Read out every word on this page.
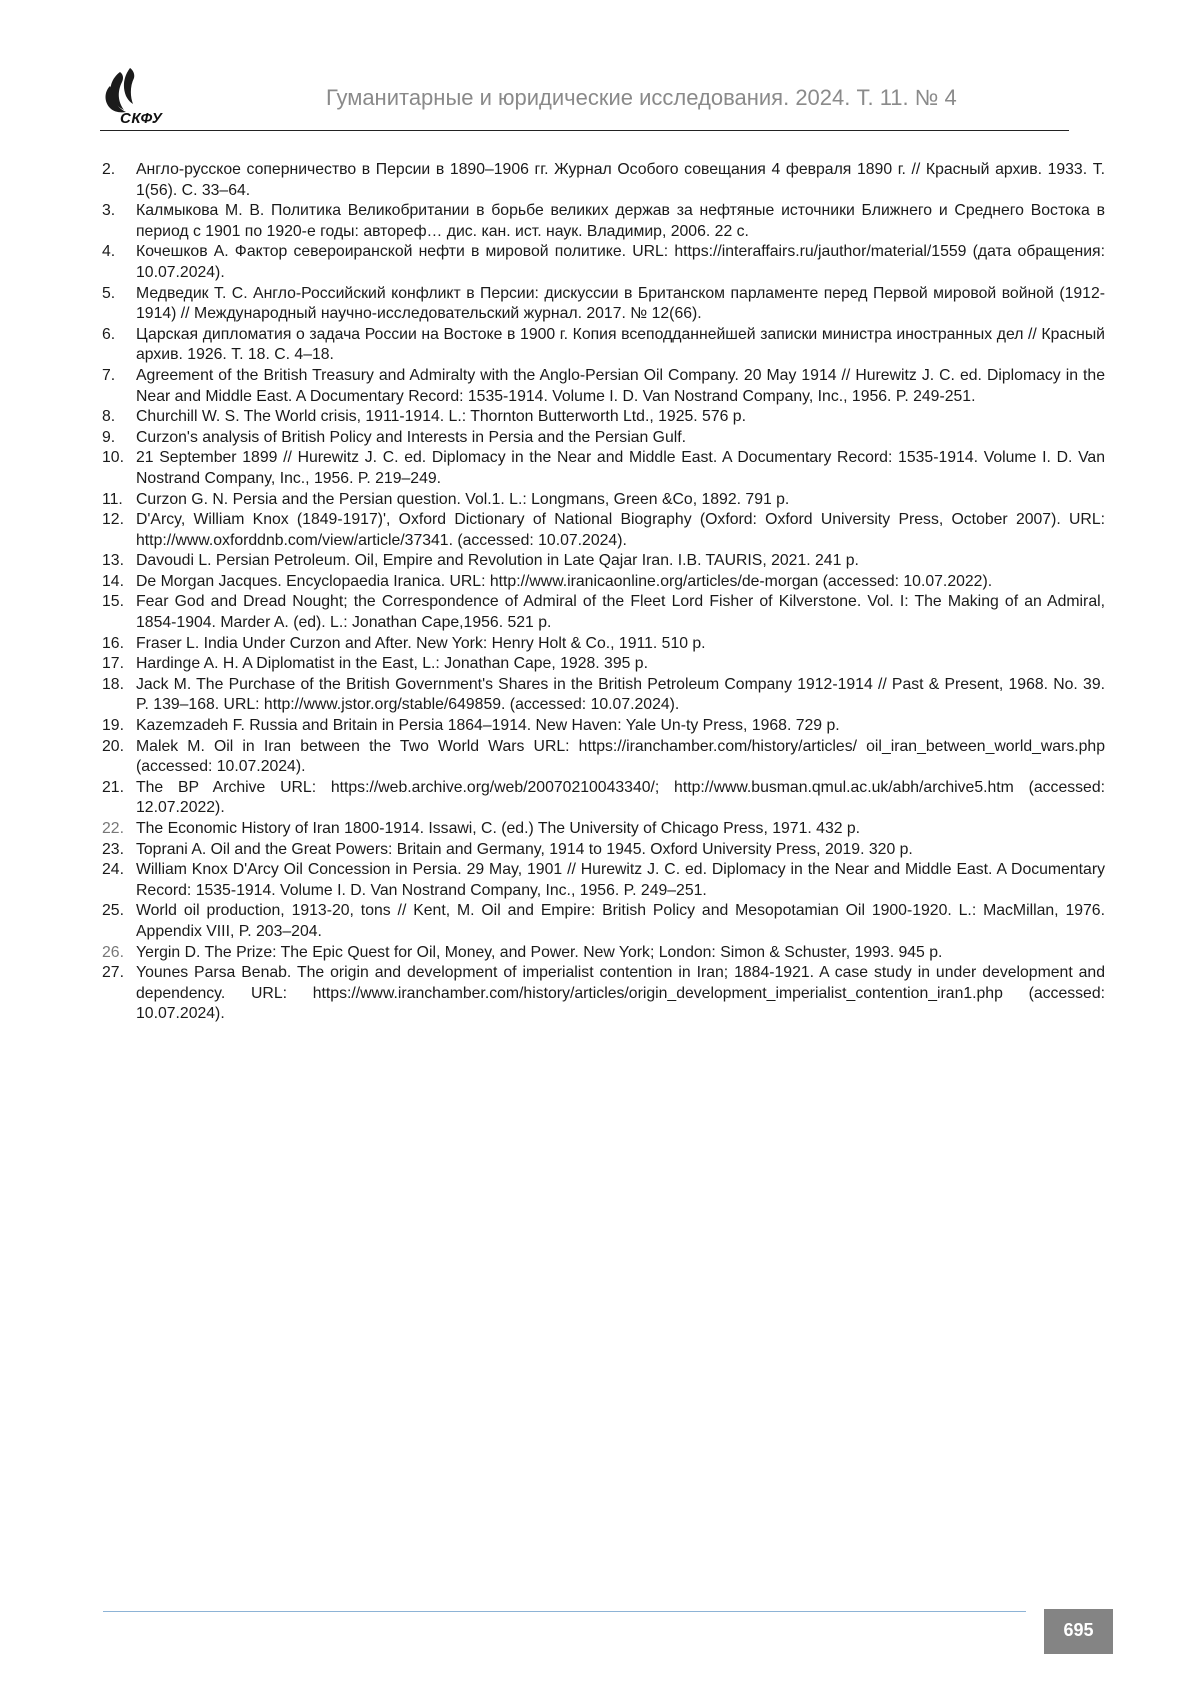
СКФУ
Гуманитарные и юридические исследования. 2024. Т. 11. № 4
2. Англо-русское соперничество в Персии в 1890–1906 гг. Журнал Особого совещания 4 февраля 1890 г. // Красный архив. 1933. Т. 1(56). С. 33–64.
3. Калмыкова М. В. Политика Великобритании в борьбе великих держав за нефтяные источники Ближнего и Среднего Востока в период с 1901 по 1920-е годы: автореф… дис. кан. ист. наук. Владимир, 2006. 22 с.
4. Кочешков А. Фактор североиранской нефти в мировой политике. URL: https://interaffairs.ru/jauthor/material/1559 (дата обращения: 10.07.2024).
5. Медведик Т. С. Англо-Российский конфликт в Персии: дискуссии в Британском парламенте перед Первой мировой войной (1912-1914) // Международный научно-исследовательский журнал. 2017. № 12(66).
6. Царская дипломатия о задача России на Востоке в 1900 г. Копия всеподданнейшей записки министра иностранных дел // Красный архив. 1926. Т. 18. С. 4–18.
7. Agreement of the British Treasury and Admiralty with the Anglo-Persian Oil Company. 20 May 1914 // Hurewitz J. C. ed. Diplomacy in the Near and Middle East. A Documentary Record: 1535-1914. Volume I. D. Van Nostrand Company, Inc., 1956. P. 249-251.
8. Churchill W. S. The World crisis, 1911-1914. L.: Thornton Butterworth Ltd., 1925. 576 p.
9. Curzon's analysis of British Policy and Interests in Persia and the Persian Gulf.
10. 21 September 1899 // Hurewitz J. C. ed. Diplomacy in the Near and Middle East. A Documentary Record: 1535-1914. Volume I. D. Van Nostrand Company, Inc., 1956. P. 219–249.
11. Curzon G. N. Persia and the Persian question. Vol.1. L.: Longmans, Green &Co, 1892. 791 p.
12. D'Arcy, William Knox (1849-1917)', Oxford Dictionary of National Biography (Oxford: Oxford University Press, October 2007). URL: http://www.oxforddnb.com/view/article/37341. (accessed: 10.07.2024).
13. Davoudi L. Persian Petroleum. Oil, Empire and Revolution in Late Qajar Iran. I.B. TAURIS, 2021. 241 p.
14. De Morgan Jacques. Encyclopaedia Iranica. URL: http://www.iranicaonline.org/articles/de-morgan (accessed: 10.07.2022).
15. Fear God and Dread Nought; the Correspondence of Admiral of the Fleet Lord Fisher of Kilverstone. Vol. I: The Making of an Admiral, 1854-1904. Marder A. (ed). L.: Jonathan Cape,1956. 521 p.
16. Fraser L. India Under Curzon and After. New York: Henry Holt & Co., 1911. 510 p.
17. Hardinge A. H. A Diplomatist in the East, L.: Jonathan Cape, 1928. 395 p.
18. Jack M. The Purchase of the British Government's Shares in the British Petroleum Company 1912-1914 // Past & Present, 1968. No. 39. P. 139–168. URL: http://www.jstor.org/stable/649859. (accessed: 10.07.2024).
19. Kazemzadeh F. Russia and Britain in Persia 1864–1914. New Haven: Yale Un-ty Press, 1968. 729 p.
20. Malek M. Oil in Iran between the Two World Wars URL: https://iranchamber.com/history/articles/ oil_iran_between_world_wars.php (accessed: 10.07.2024).
21. The BP Archive URL: https://web.archive.org/web/20070210043340/; http://www.busman.qmul.ac.uk/abh/archive5.htm (accessed: 12.07.2022).
22. The Economic History of Iran 1800-1914. Issawi, C. (ed.) The University of Chicago Press, 1971. 432 p.
23. Toprani A. Oil and the Great Powers: Britain and Germany, 1914 to 1945. Oxford University Press, 2019. 320 p.
24. William Knox D'Arcy Oil Concession in Persia. 29 May, 1901 // Hurewitz J. C. ed. Diplomacy in the Near and Middle East. A Documentary Record: 1535-1914. Volume I. D. Van Nostrand Company, Inc., 1956. P. 249–251.
25. World oil production, 1913-20, tons // Kent, M. Oil and Empire: British Policy and Mesopotamian Oil 1900-1920. L.: MacMillan, 1976. Appendix VIII, P. 203–204.
26. Yergin D. The Prize: The Epic Quest for Oil, Money, and Power. New York; London: Simon & Schuster, 1993. 945 p.
27. Younes Parsa Benab. The origin and development of imperialist contention in Iran; 1884-1921. A case study in under development and dependency. URL: https://www.iranchamber.com/history/articles/origin_development_imperialist_contention_iran1.php (accessed: 10.07.2024).
695
